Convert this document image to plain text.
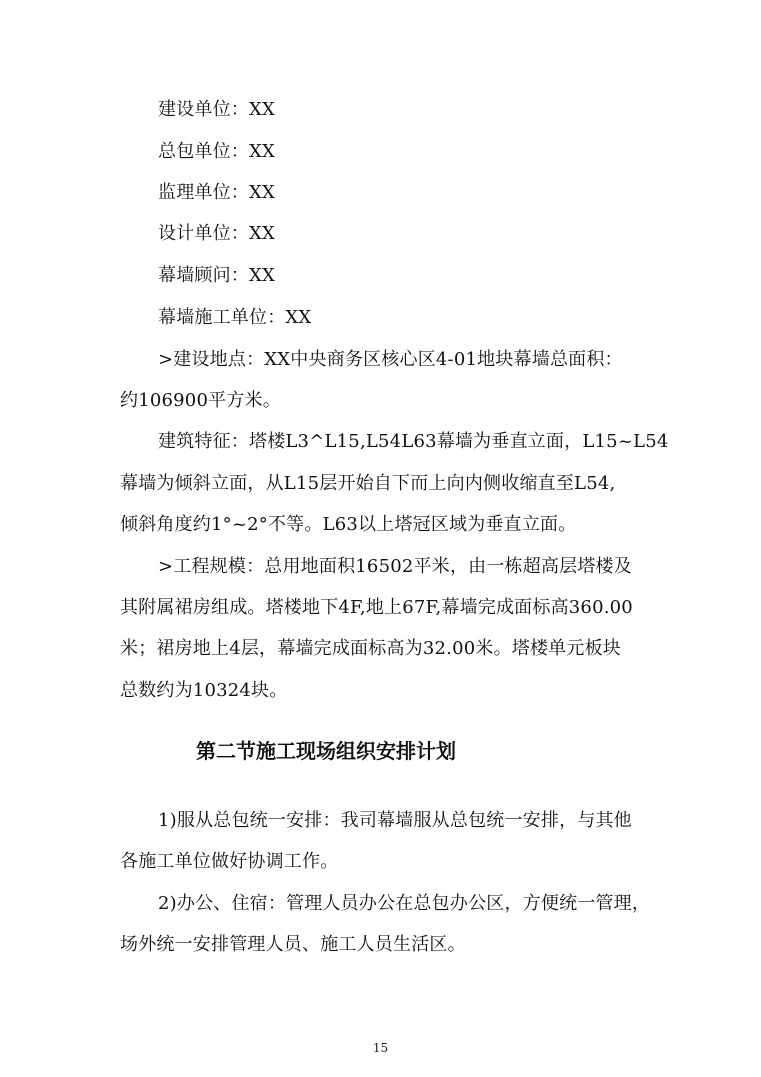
建设单位：XX
总包单位：XX
监理单位：XX
设计单位：XX
幕墙顾问：XX
幕墙施工单位：XX
>建设地点：XX中央商务区核心区4-01地块幕墙总面积：
约106900平方米。
建筑特征：塔楼L3^L15,L54L63幕墙为垂直立面，L15~L54
幕墙为倾斜立面，从L15层开始自下而上向内侧收缩直至L54,
倾斜角度约1°~2°不等。L63以上塔冠区域为垂直立面。
>工程规模：总用地面积16502平米，由一栋超高层塔楼及
其附属裙房组成。塔楼地下4F,地上67F,幕墙完成面标高360.00
米；裙房地上4层，幕墙完成面标高为32.00米。塔楼单元板块
总数约为10324块。
第二节施工现场组织安排计划
1)服从总包统一安排：我司幕墙服从总包统一安排，与其他
各施工单位做好协调工作。
2)办公、住宿：管理人员办公在总包办公区，方便统一管理，
场外统一安排管理人员、施工人员生活区。
15
